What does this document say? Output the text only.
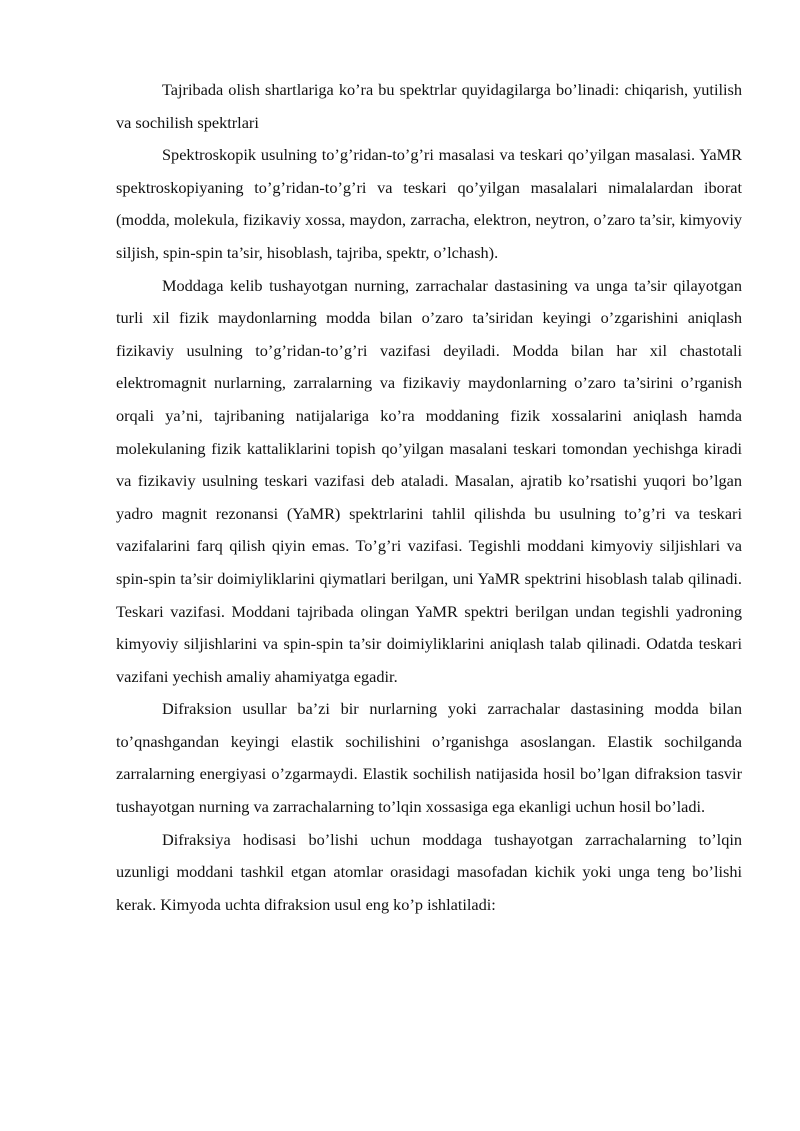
Tajribada olish shartlariga ko’ra bu spektrlar quyidagilarga bo’linadi: chiqarish, yutilish va sochilish spektrlari

Spektroskopik usulning to’g’ridan-to’g’ri masalasi va teskari qo’yilgan masalasi. YaMR spektroskopiyaning to’g’ridan-to’g’ri va teskari qo’yilgan masalalari nimalalardan iborat (modda, molekula, fizikaviy xossa, maydon, zarracha, elektron, neytron, o’zaro ta’sir, kimyoviy siljish, spin-spin ta’sir, hisoblash, tajriba, spektr, o’lchash).

Moddaga kelib tushayotgan nurning, zarrachalar dastasining va unga ta’sir qilayotgan turli xil fizik maydonlarning modda bilan o’zaro ta’siridan keyingi o’zgarishini aniqlash fizikaviy usulning to’g’ridan-to’g’ri vazifasi deyiladi. Modda bilan har xil chastotali elektromagnit nurlarning, zarralarning va fizikaviy maydonlarning o’zaro ta’sirini o’rganish orqali ya’ni, tajribaning natijalariga ko’ra moddaning fizik xossalarini aniqlash hamda molekulaning fizik kattaliklarini topish qo’yilgan masalani teskari tomondan yechishga kiradi va fizikaviy usulning teskari vazifasi deb ataladi. Masalan, ajratib ko’rsatishi yuqori bo’lgan yadro magnit rezonansi (YaMR) spektrlarini tahlil qilishda bu usulning to’g’ri va teskari vazifalarini farq qilish qiyin emas. To’g’ri vazifasi. Tegishli moddani kimyoviy siljishlari va spin-spin ta’sir doimiyliklarini qiymatlari berilgan, uni YaMR spektrini hisoblash talab qilinadi. Teskari vazifasi. Moddani tajribada olingan YaMR spektri berilgan undan tegishli yadroning kimyoviy siljishlarini va spin-spin ta’sir doimiyliklarini aniqlash talab qilinadi. Odatda teskari vazifani yechish amaliy ahamiyatga egadir.

Difraksion usullar ba’zi bir nurlarning yoki zarrachalar dastasining modda bilan to’qnashgandan keyingi elastik sochilishini o’rganishga asoslangan. Elastik sochilganda zarralarning energiyasi o’zgarmaydi. Elastik sochilish natijasida hosil bo’lgan difraksion tasvir tushayotgan nurning va zarrachalarning to’lqin xossasiga ega ekanligi uchun hosil bo’ladi.

Difraksiya hodisasi bo’lishi uchun moddaga tushayotgan zarrachalarning to’lqin uzunligi moddani tashkil etgan atomlar orasidagi masofadan kichik yoki unga teng bo’lishi kerak. Kimyoda uchta difraksion usul eng ko’p ishlatiladi:
